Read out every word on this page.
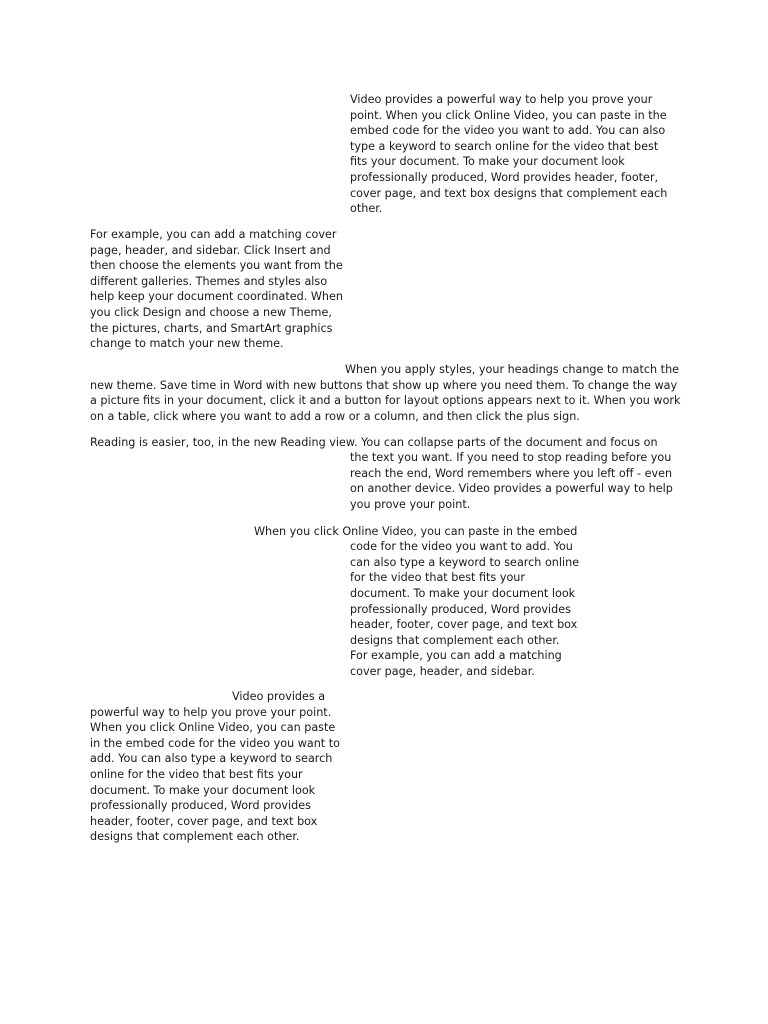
Video provides a powerful way to help you prove your

point. When you click Online Video, you can paste in the

embed code for the video you want to add. You can also

type a keyword to search online for the video that best

fits your document. To make your document look

professionally produced, Word provides header, footer,

cover page, and text box designs that complement each

other.

For example, you can add a matching cover

page, header, and sidebar. Click Insert and

then choose the elements you want from the

different galleries. Themes and styles also

help keep your document coordinated. When

you click Design and choose a new Theme,

the pictures, charts, and SmartArt graphics

change to match your new theme.

When you apply styles, your headings change to match the

new theme. Save time in Word with new buttons that show up where you need them. To change the way

a picture fits in your document, click it and a button for layout options appears next to it. When you work

on a table, click where you want to add a row or a column, and then click the plus sign.

Reading is easier, too, in the new Reading view. You can collapse parts of the document and focus on

the text you want. If you need to stop reading before you

reach the end, Word remembers where you left off - even

on another device. Video provides a powerful way to help

you prove your point.

When you click Online Video, you can paste in the embed

code for the video you want to add. You

can also type a keyword to search online

for the video that best fits your

document. To make your document look

professionally produced, Word provides

header, footer, cover page, and text box

designs that complement each other.

For example, you can add a matching

cover page, header, and sidebar.

Video provides a

powerful way to help you prove your point.

When you click Online Video, you can paste

in the embed code for the video you want to

add. You can also type a keyword to search

online for the video that best fits your

document. To make your document look

professionally produced, Word provides

header, footer, cover page, and text box

designs that complement each other.
